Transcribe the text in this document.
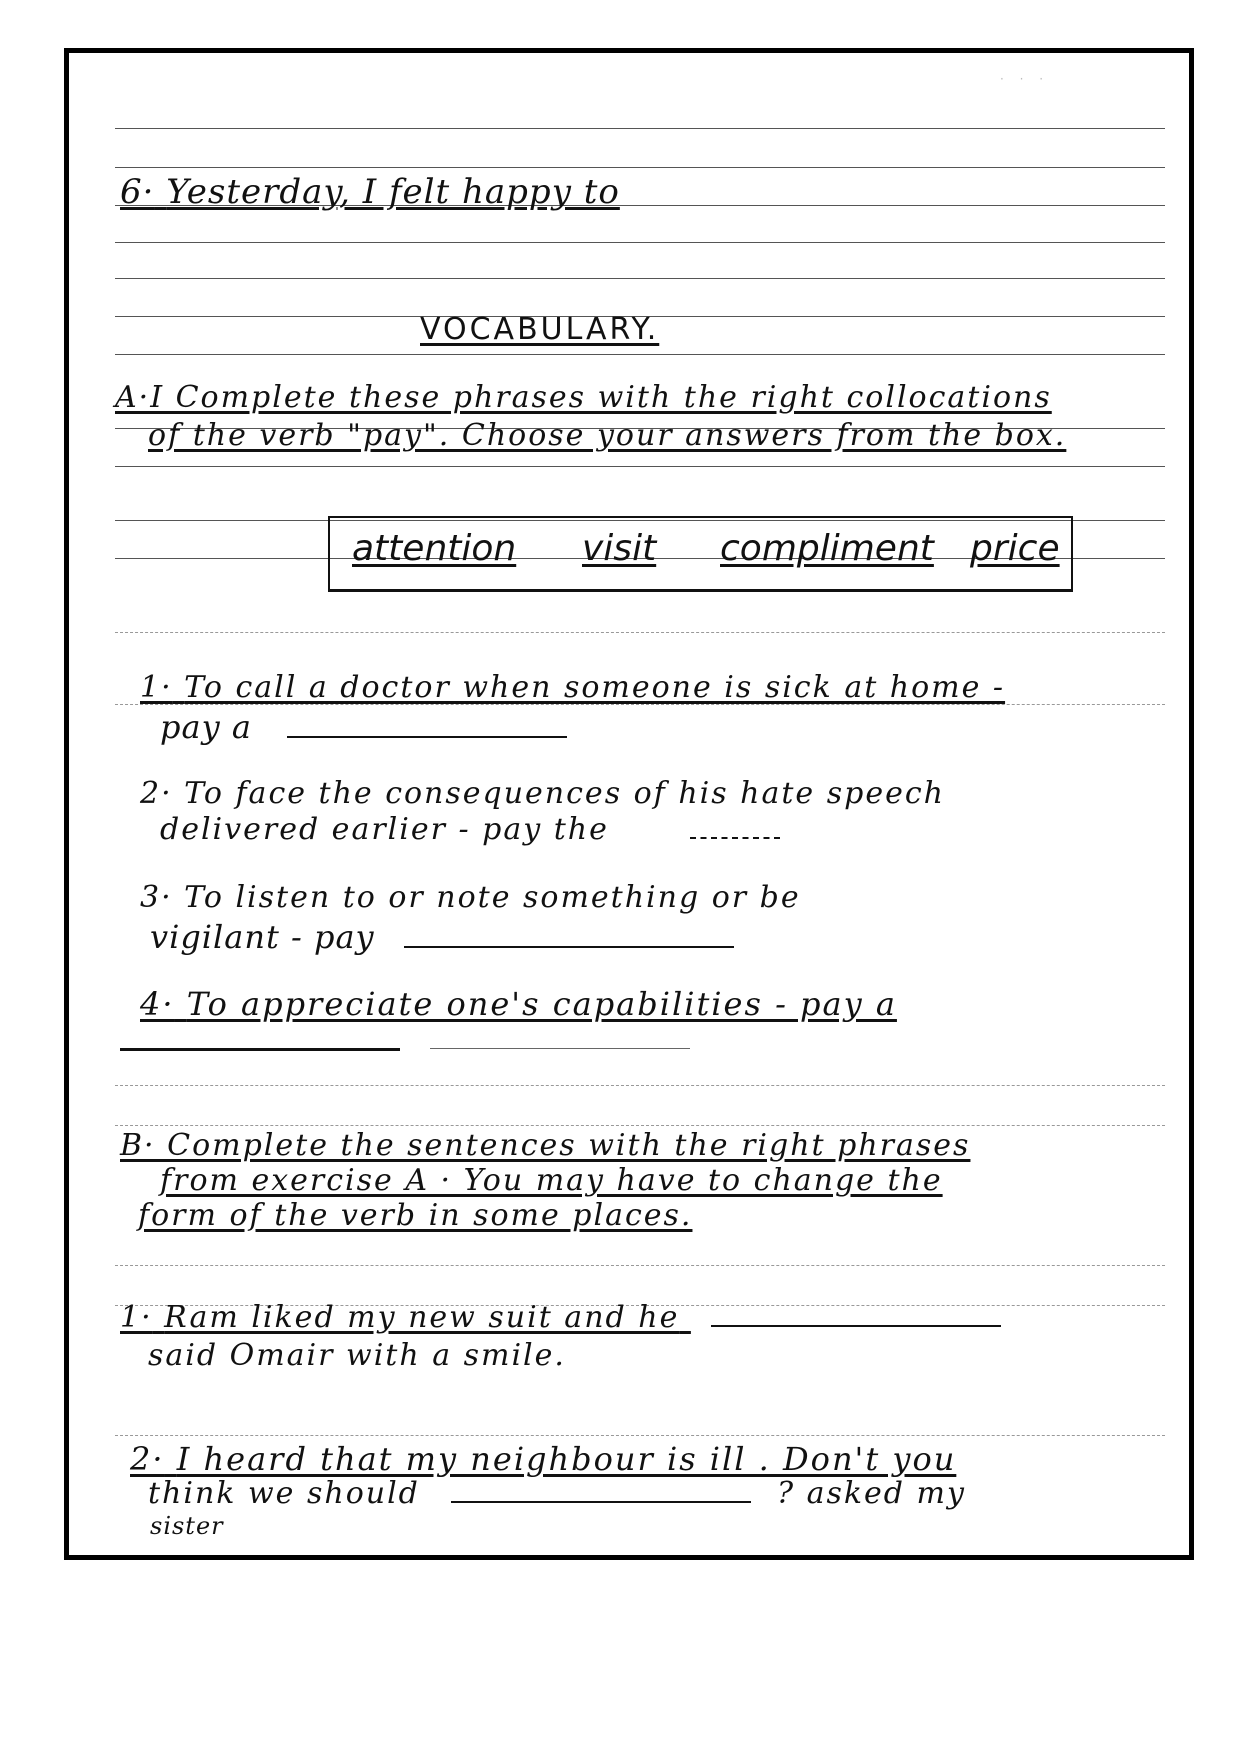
· · ·
6· Yesterday, I felt happy to
VOCABULARY.
A·I Complete these phrases with the right collocations
of the verb "pay". Choose your answers from the box.
attention visit compliment price
1· To call a doctor when someone is sick at home -
pay a
2· To face the consequences of his hate speech
delivered earlier - pay the
3· To listen to or note something or be
vigilant - pay
4· To appreciate one's capabilities - pay a
B· Complete the sentences with the right phrases
from exercise A · You may have to change the
form of the verb in some places.
1· Ram liked my new suit and he
said Omair with a smile.
2· I heard that my neighbour is ill . Don't you
think we should	? asked my
sister
